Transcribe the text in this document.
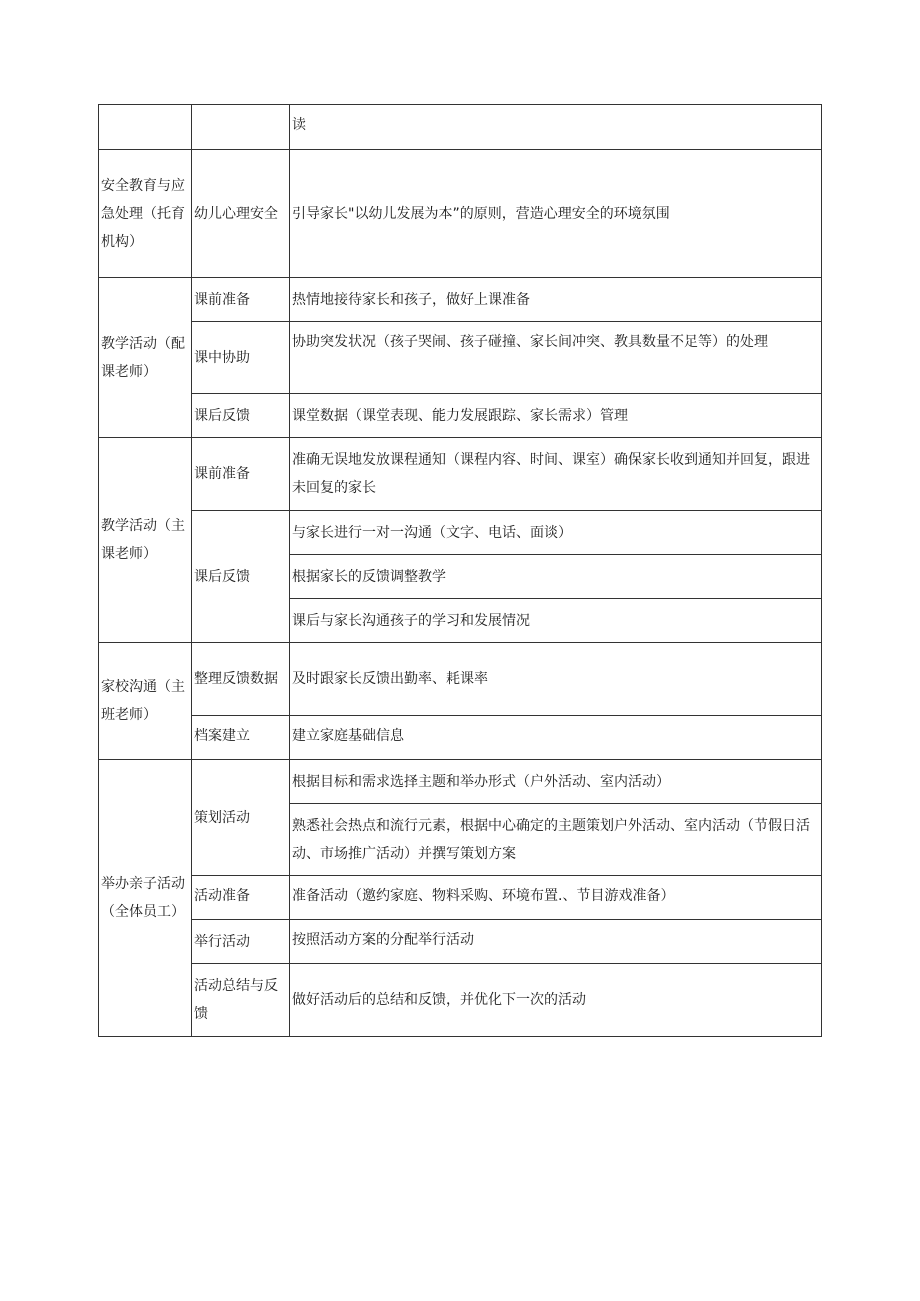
		读
安全教育与应急处理（托育机构）	幼儿心理安全	引导家长"以幼儿发展为本”的原则，营造心理安全的环境氛围
教学活动（配课老师）	课前准备	热情地接待家长和孩子，做好上课准备
	课中协助	协助突发状况（孩子哭闹、孩子碰撞、家长间冲突、教具数量不足等）的处理
	课后反馈	课堂数据（课堂表现、能力发展跟踪、家长需求）管理
教学活动（主课老师）	课前准备	准确无误地发放课程通知（课程内容、时间、课室）确保家长收到通知并回复，跟进未回复的家长
	课后反馈	与家长进行一对一沟通（文字、电话、面谈）
		根据家长的反馈调整教学
		课后与家长沟通孩子的学习和发展情况
家校沟通（主班老师）	整理反馈数据	及时跟家长反馈出勤率、耗课率
	档案建立	建立家庭基础信息
举办亲子活动（全体员工）	策划活动	根据目标和需求选择主题和举办形式（户外活动、室内活动）
		熟悉社会热点和流行元素，根据中心确定的主题策划户外活动、室内活动（节假日活动、市场推广活动）并撰写策划方案
	活动准备	准备活动（邀约家庭、物料采购、环境布置.、节目游戏准备）
	举行活动	按照活动方案的分配举行活动
	活动总结与反馈	做好活动后的总结和反馈，并优化下一次的活动
